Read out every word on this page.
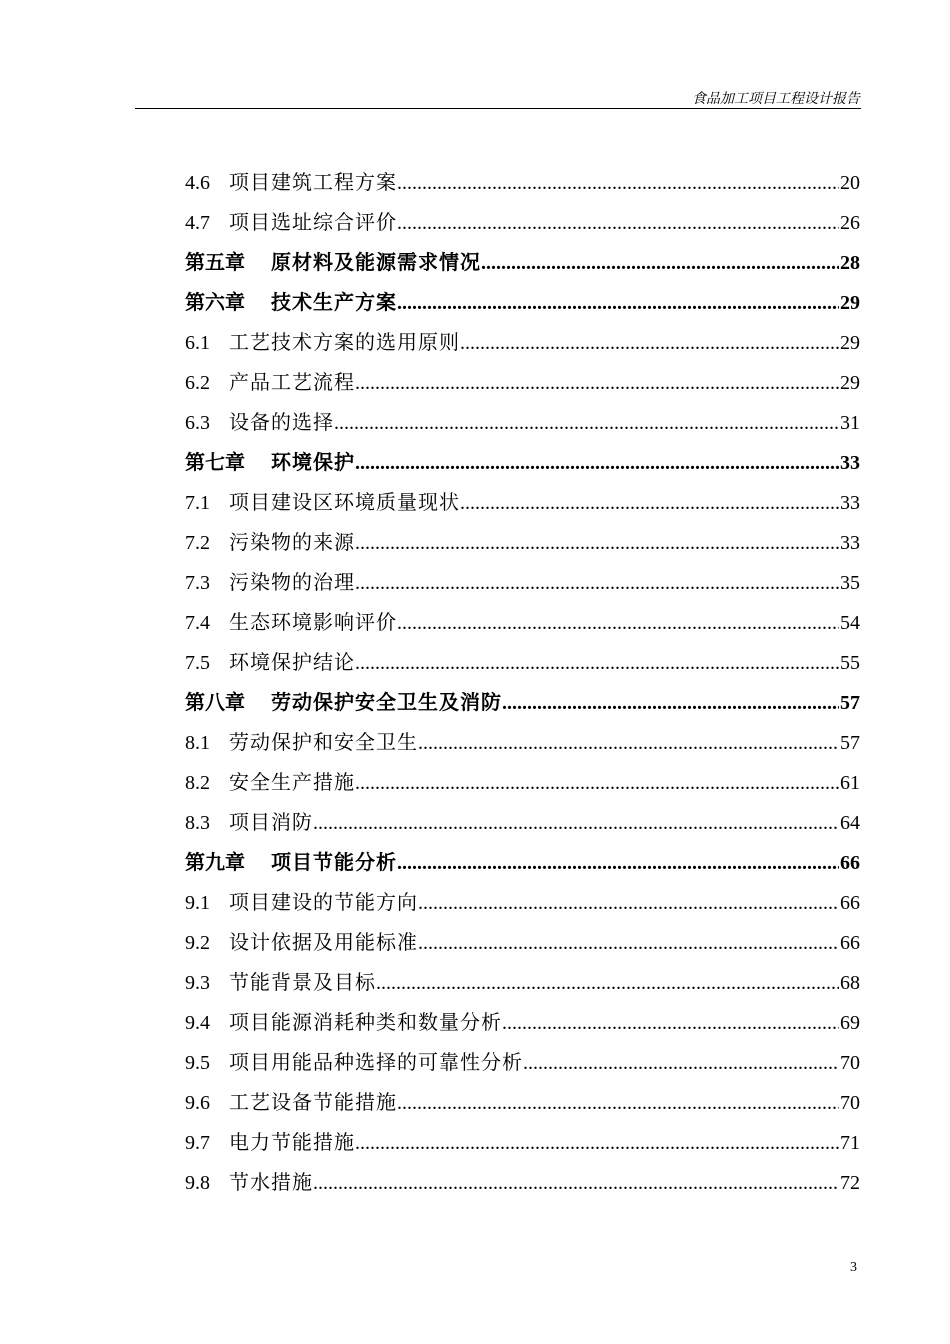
食品加工项目工程设计报告
4.6 项目建筑工程方案 .....	20
4.7 项目选址综合评价 .....	26
第五章 原材料及能源需求情况 .....	28
第六章 技术生产方案 .....	29
6.1 工艺技术方案的选用原则 .....	29
6.2 产品工艺流程 .....	29
6.3 设备的选择 .....	31
第七章 环境保护 .....	33
7.1 项目建设区环境质量现状 .....	33
7.2 污染物的来源 .....	33
7.3 污染物的治理 .....	35
7.4 生态环境影响评价 .....	54
7.5 环境保护结论 .....	55
第八章 劳动保护安全卫生及消防 .....	57
8.1 劳动保护和安全卫生 .....	57
8.2 安全生产措施 .....	61
8.3 项目消防 .....	64
第九章 项目节能分析 .....	66
9.1 项目建设的节能方向 .....	66
9.2 设计依据及用能标准 .....	66
9.3 节能背景及目标 .....	68
9.4 项目能源消耗种类和数量分析 .....	69
9.5 项目用能品种选择的可靠性分析 .....	70
9.6 工艺设备节能措施 .....	70
9.7 电力节能措施 .....	71
9.8 节水措施 .....	72
3
